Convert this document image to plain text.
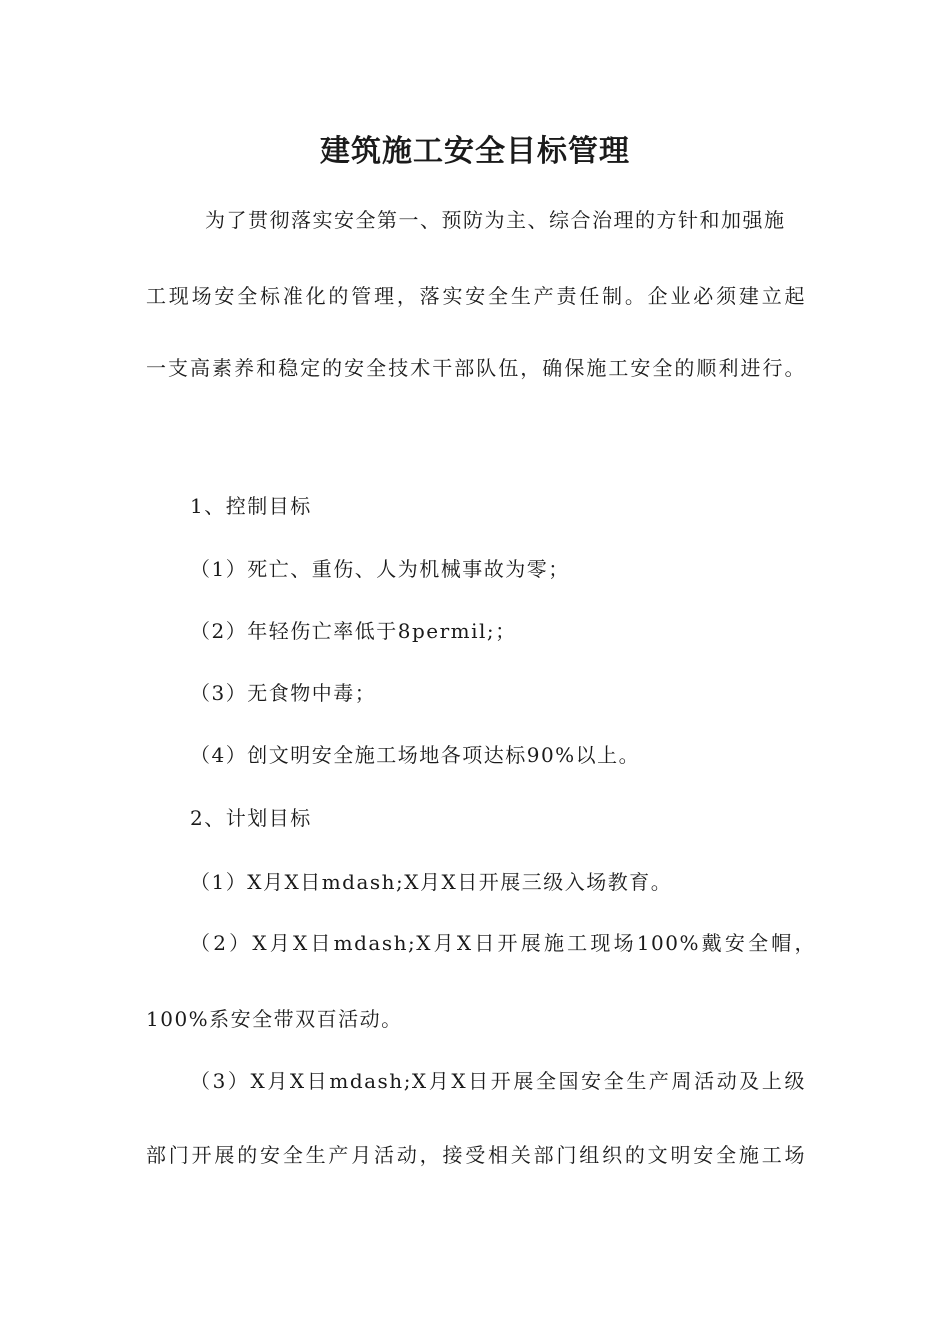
建筑施工安全目标管理

为了贯彻落实安全第一、预防为主、综合治理的方针和加强施

工现场安全标准化的管理，落实安全生产责任制。企业必须建立起

一支高素养和稳定的安全技术干部队伍，确保施工安全的顺利进行。

1、控制目标

（1）死亡、重伤、人为机械事故为零；

（2）年轻伤亡率低于8permil;；

（3）无食物中毒；

（4）创文明安全施工场地各项达标90%以上。

2、计划目标

（1）X月X日mdash;X月X日开展三级入场教育。

（2）X月X日mdash;X月X日开展施工现场100%戴安全帽，

100%系安全带双百活动。

（3）X月X日mdash;X月X日开展全国安全生产周活动及上级

部门开展的安全生产月活动，接受相关部门组织的文明安全施工场
